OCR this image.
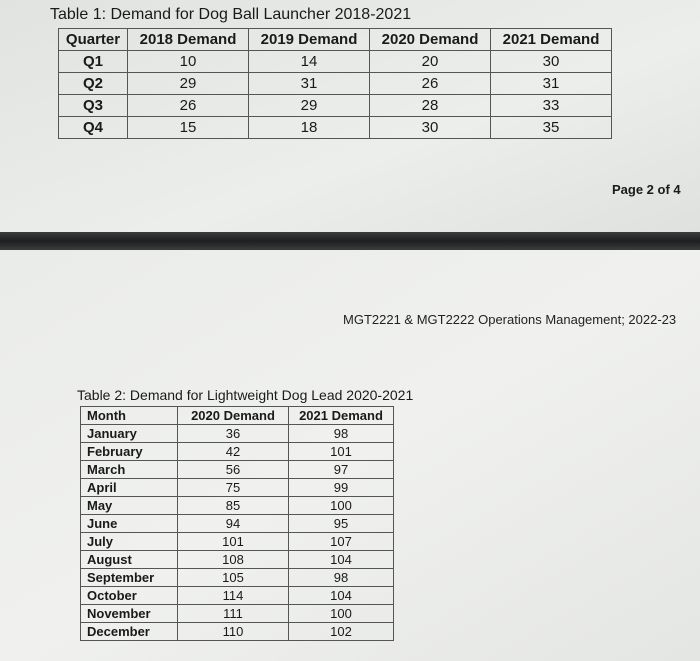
Table 1: Demand for Dog Ball Launcher 2018-2021
Quarter	2018 Demand	2019 Demand	2020 Demand	2021 Demand
Q1	10	14	20	30
Q2	29	31	26	31
Q3	26	29	28	33
Q4	15	18	30	35
Page 2 of 4
MGT2221 & MGT2222 Operations Management; 2022-23
Table 2: Demand for Lightweight Dog Lead 2020-2021
Month	2020 Demand	2021 Demand
January	36	98
February	42	101
March	56	97
April	75	99
May	85	100
June	94	95
July	101	107
August	108	104
September	105	98
October	114	104
November	111	100
December	110	102
